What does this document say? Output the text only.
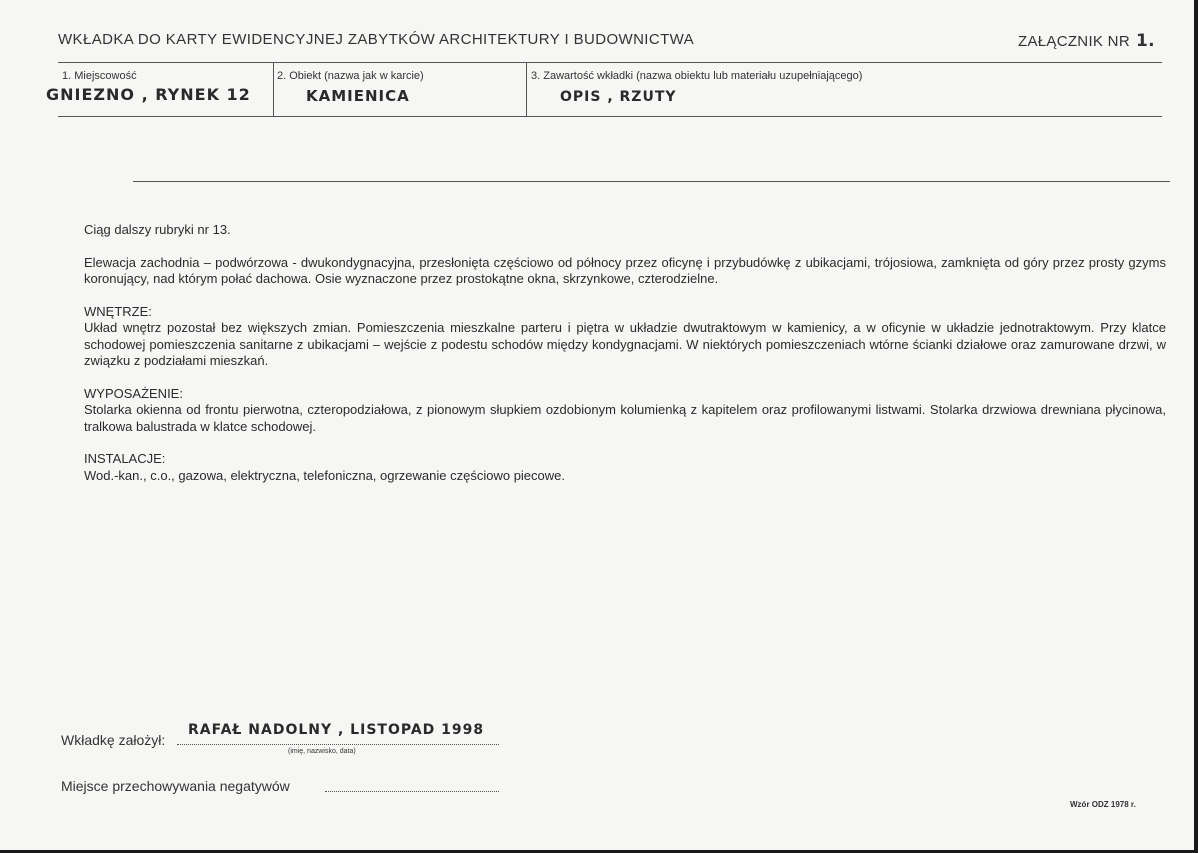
WKŁADKA DO KARTY EWIDENCYJNEJ ZABYTKÓW ARCHITEKTURY I BUDOWNICTWA	ZAŁĄCZNIK NR 1.
1. Miejscowość
GNIEZNO , RYNEK 12
2. Obiekt (nazwa jak w karcie)
KAMIENICA
3. Zawartość wkładki (nazwa obiektu lub materiału uzupełniającego)
OPIS , RZUTY

Ciąg dalszy rubryki nr 13.

Elewacja zachodnia – podwórzowa - dwukondygnacyjna, przesłonięta częściowo od północy przez oficynę i przybudówkę z ubikacjami, trójosiowa, zamknięta od góry przez prosty gzyms koronujący, nad którym połać dachowa. Osie wyznaczone przez prostokątne okna, skrzynkowe, czterodzielne.

WNĘTRZE:

Układ wnętrz pozostał bez większych zmian. Pomieszczenia mieszkalne parteru i piętra w układzie dwutraktowym w kamienicy, a w oficynie w układzie jednotraktowym. Przy klatce schodowej pomieszczenia sanitarne z ubikacjami – wejście z podestu schodów między kondygnacjami. W niektórych pomieszczeniach wtórne ścianki działowe oraz zamurowane drzwi, w związku z podziałami mieszkań.

WYPOSAŻENIE:

Stolarka okienna od frontu pierwotna, czteropodziałowa, z pionowym słupkiem ozdobionym kolumienką z kapitelem oraz profilowanymi listwami. Stolarka drzwiowa drewniana płycinowa, tralkowa balustrada w klatce schodowej.

INSTALACJE:

Wod.-kan., c.o., gazowa, elektryczna, telefoniczna, ogrzewanie częściowo piecowe.

Wkładkę założył:
RAFAŁ NADOLNY , LISTOPAD 1998
(imię, nazwisko, data)
Miejsce przechowywania negatywów
Wzór ODZ 1978 r.
